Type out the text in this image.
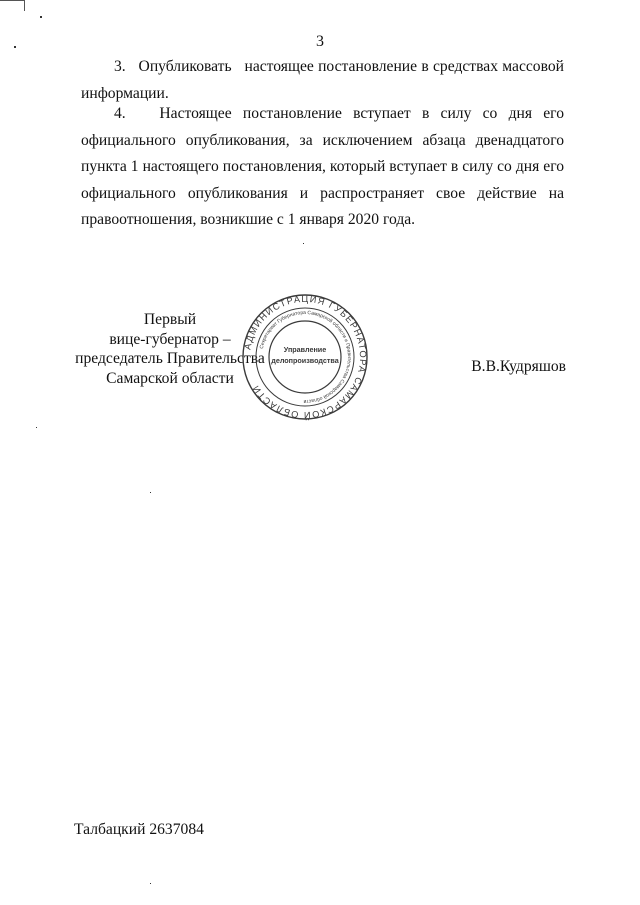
3

3.   Опубликовать   настоящее постановление в средствах массовой информации.

4.   Настоящее постановление вступает в силу со дня его официального опубликования, за исключением абзаца двенадцатого пункта 1 настоящего постановления, который вступает в силу со дня его официального опубликования и распространяет свое действие на правоотношения, возникшие с 1 января 2020 года.

Первый
вице-губернатор –
председатель Правительства
Самарской области
АДМИНИСТРАЦИЯ ГУБЕРНАТОРА САМАРСКОЙ ОБЛАСТИ
Секретариат Губернатора Самарской области и Правительства Самарской области
Управление
делопроизводства	В.В.Кудряшов
Талбацкий 2637084
